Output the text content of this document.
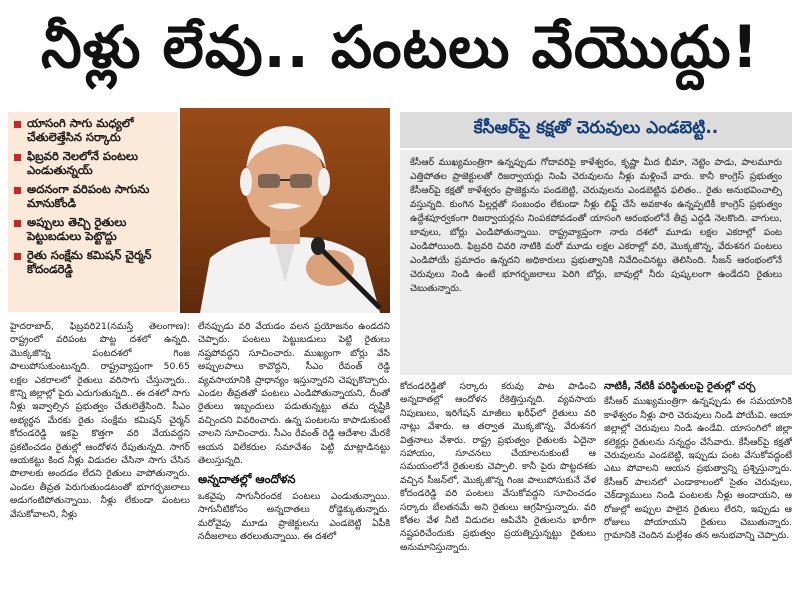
నీళ్లు లేవు.. పంటలు వేయొద్దు!
యాసంగి సాగు మధ్యలో చేతులెత్తేసిన సర్కారు
ఫిబ్రవరి నెలలోనే పంటలు ఎండుతున్నయ్
అదనంగా వరిపంట సాగును మానుకోండి
అప్పులు తెచ్చి రైతులు పెట్టుబడులు పెట్టొద్దు
రైతు సంక్షేమ కమిషన్ చైర్మన్ కోదండరెడ్డి
కేసీఆర్‌పై కక్షతో చెరువులు ఎండబెట్టి..
కేసీఆర్ ముఖ్యమంత్రిగా ఉన్నప్పుడు గోదావరిపై కాళేశ్వరం, కృష్ణా మీద భీమా, నెట్టెం పాడు, పాలమూరు ఎత్తిపోతల ప్రాజెక్టులతో రిజర్వాయర్లు నింపి చెరువులను నీళ్లు మళ్లించే వారు. కానీ కాంగ్రెస్ ప్రభుత్వం కేసీఆర్‌పై కక్షతో కాళేశ్వరం ప్రాజెక్టును పండబెట్టి, చెరువులను ఎండబెట్టిన ఫలితం.. రైతు అనుభవించాల్సి వస్తున్నది. కుంగిన పిల్లర్లతో సంబంధం లేకుండా నీళ్లు లిఫ్ట్ చేసే అవకాశం ఉన్నప్పటికీ కాంగ్రెస్ ప్రభుత్వం ఉద్దేశపూర్వకంగా రిజర్వాయర్లను నింపకపోవడంతో యాసంగి ఆరంభంలోనే తీవ్ర ఎద్దడి నెలకొంది. వాగులు, బావులు, బోర్లు ఎండిపోతున్నాయి. రాష్ట్రవ్యాప్తంగా నారు దశలో మూడు లక్షల ఎకరాల్లో పంట ఎండిపోయింది. ఫిబ్రవరి చివరి నాటికి మరో మూడు లక్షల ఎకరాల్లో వరి, మొక్కజొన్న, వేరుశనగ పంటలు ఎండిపోయే ప్రమాదం ఉన్నదని అధికారులు ప్రభుత్వానికి నివేదించినట్టు తెలిసింది. సీజన్ ఆరంభంలోనే చెరువులు నిండి ఉంటే భూగర్భజలాలు పెరిగి బోర్లు, బావుల్లో నీరు పుష్కలంగా ఉండేదని రైతులు చెబుతున్నారు.
హైదరాబాద్, ఫిబ్రవరి21(నమస్తే తెలంగాణ): రాష్ట్రంలో వరిపంట పొట్ట దశలో ఉన్నది. మొక్కజొన్న పంటదశలో గింజ పాలుపోసుకుంటున్నది. రాష్ట్రవ్యాప్తంగా 50.65 లక్షల ఎకరాలలో రైతులు వరిసాగు చేస్తున్నారు.. కొన్ని జిల్లాల్లో పైరు ఎదుగుతున్నది.. ఈ దశలో సాగు నీళ్లు ఇవ్వాల్సిన ప్రభుత్వం చేతులెత్తేసింది. సీఎం అభ్యర్థన మేరకు రైతు సంక్షేమ కమిషన్ చైర్మన్ కోదండరెడ్డి ఇకపై కొత్తగా వరి వేయవద్దని ప్రకటించడం రైతుల్లో ఆందోళన రేపుతున్నది. సాగర్ ఆయకట్టు కింద నీళ్లు విడుదల చేసినా సాగు చేసిన పొలాలకు అందడం లేదని రైతులు వాపోతున్నారు. ఎండల తీవ్రత పెరుగుతుండటంతో భూగర్భజలాలు అడుగంటిపోతున్నాయి. నీళ్లు లేకుండా పంటలు వేసుకోవాలని, నీళ్లు
లేనప్పుడు వరి వేయడం వలన ప్రయోజనం ఉండదని చెప్పారు. పంటలు పెట్టుబడులు పెట్టి రైతులు నష్టపోవద్దని సూచించారు. ముఖ్యంగా బోర్లు వేసి అప్పులపాలు కావొద్దని, సీఎం రేవంత్ రెడ్డి వ్యవసాయానికి ప్రాధాన్యం ఇస్తున్నారని చెప్పుకొచ్చారు. ఎండల తీవ్రతతో పంటలు ఎండిపోతున్నాయని, దీంతో రైతులు ఇబ్బందులు పడుతున్నట్టు తమ దృష్టికి వచ్చిందని వివరించారు. ఉన్న పంటలను కాపాడుకుంటే చాలని సూచించారు. సీఎం రేవంత్ రెడ్డి ఆదేశాల మేరకే ఆయన విలేకరుల సమావేశం పెట్టి మాట్లాడినట్టు తెలుస్తున్నది.
అన్నదాతల్లో ఆందోళన
ఒకవైపు సాగునీరందక పంటలు ఎండుతున్నాయి. సాగునీటికోసం అన్నదాతలు రోడ్డెక్కుతున్నారు. మరోవైపు మూడు ప్రాజెక్టులను ఎండబెట్టి ఏపీకి నదీజలాలు తరలుతున్నాయి. ఈ దశలో
కోదండరెడ్డితో సర్కారు కరువు పాట పాడించి అన్నదాతల్లో ఆందోళన రేకెత్తిస్తున్నది. వ్యవసాయ నిపుణులు, ఇరిగేషన్ మాజీలు ఖరీఫ్‌లో రైతులు వరి నాట్లు వేశారు. ఆ తర్వాత మొక్కజొన్న, వేరుశనగ విత్తనాలు వేశారు. రాష్ట్ర ప్రభుత్వం రైతులకు ఏదైనా సహాయం, సూచనలు చేయాలనుకుంటే ఆ సమయంలోనే రైతులకు చెప్పాలి. కానీ పైరు పొట్టదశకు వచ్చిన సీజన్‌లో, మొక్కజొన్న గింజ పాలుపోసుకునే వేళ కోదండరెడ్డి వరి పంటలు వేసుకోవద్దని సూచించడం సర్కారు బేలతనమే అని రైతులు ఆగ్రహిస్తున్నారు. వరి కోతల వేళ నీటి విడుదల ఆపివేసి రైతులను భారీగా నష్టపరిచేందుకు ప్రభుత్వం ప్రయత్నిస్తున్నట్టు రైతులు అనుమానిస్తున్నారు.
నాటికీ, నేటికీ పరిస్థితులపై రైతుల్లో చర్చ
కేసీఆర్ ముఖ్యమంత్రిగా ఉన్నప్పుడు ఈ సమయానికి కాళేశ్వరం నీళ్లు పారి చెరువులు నిండి పోయేవి. ఆయా జిల్లాల్లో చెరువులు నిండి ఉండేవి. యాసంగిలో జిల్లా కలెక్టర్లు రైతులను సన్నద్ధం చేసేవారు. కేసీఆర్‌పై కక్షతో చెరువులను ఎండబెట్టి, ఇప్పుడు పంట వేసుకోవద్దంటే ఎటు పోవాలని ఆయన ప్రభుత్వాన్ని ప్రశ్నిస్తున్నారు. కేసీఆర్ పాలనలో ఎండాకాలంలో సైతం చెరువులు, చెక్‌డ్యాములు నిండి పంటలకు నీళ్లు అందాయని, ఆ రోజుల్లో అప్పుల పాలైన రైతులు లేరని, ఇప్పుడు ఆ రోజులు పోయాయని రైతులు చెబుతున్నారు. గ్రామానికి చెందిన మల్లేశం తన అనుభవాన్ని చెప్పారు.
